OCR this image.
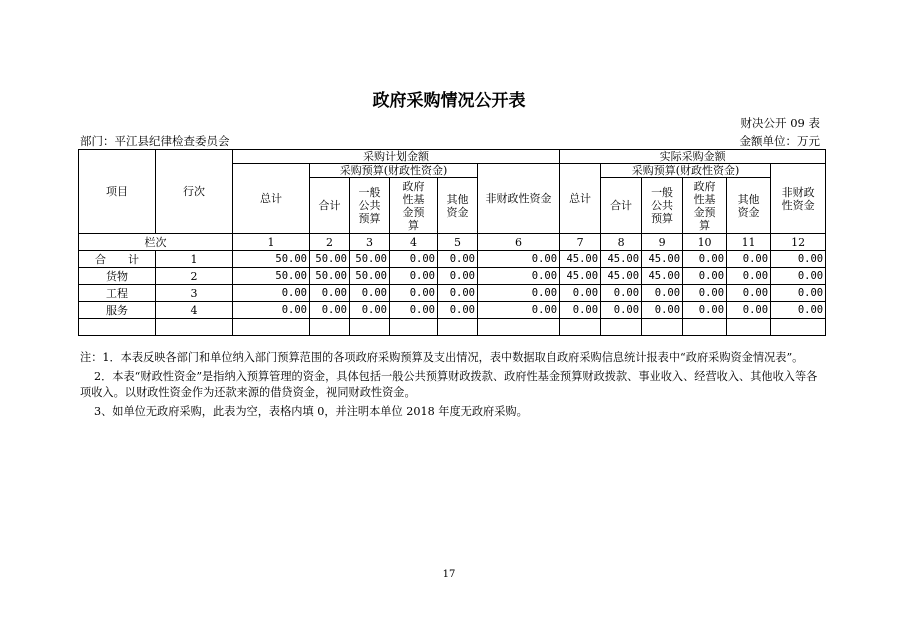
政府采购情况公开表
财决公开 09 表
部门：平江县纪律检查委员会	金额单位：万元
项目	行次	采购计划金额						实际采购金额					
		总计	采购预算(财政性资金)				非财政性资金	总计	采购预算(财政性资金)				非财政性资金
			合计	一般公共预算	政府性基金预算	其他资金			合计	一般公共预算	政府性基金预算	其他资金	
栏次		1	2	3	4	5	6	7	8	9	10	11	12
合　　计	1	50.00	50.00	50.00	0.00	0.00	0.00	45.00	45.00	45.00	0.00	0.00	0.00
货物	2	50.00	50.00	50.00	0.00	0.00	0.00	45.00	45.00	45.00	0.00	0.00	0.00
工程	3	0.00	0.00	0.00	0.00	0.00	0.00	0.00	0.00	0.00	0.00	0.00	0.00
服务	4	0.00	0.00	0.00	0.00	0.00	0.00	0.00	0.00	0.00	0.00	0.00	0.00

注：1．本表反映各部门和单位纳入部门预算范围的各项政府采购预算及支出情况，表中数据取自政府采购信息统计报表中“政府采购资金情况表”。

2．本表“财政性资金”是指纳入预算管理的资金，具体包括一般公共预算财政拨款、政府性基金预算财政拨款、事业收入、经营收入、其他收入等各项收入。以财政性资金作为还款来源的借贷资金，视同财政性资金。

3、如单位无政府采购，此表为空，表格内填 0，并注明本单位 2018 年度无政府采购。

17
